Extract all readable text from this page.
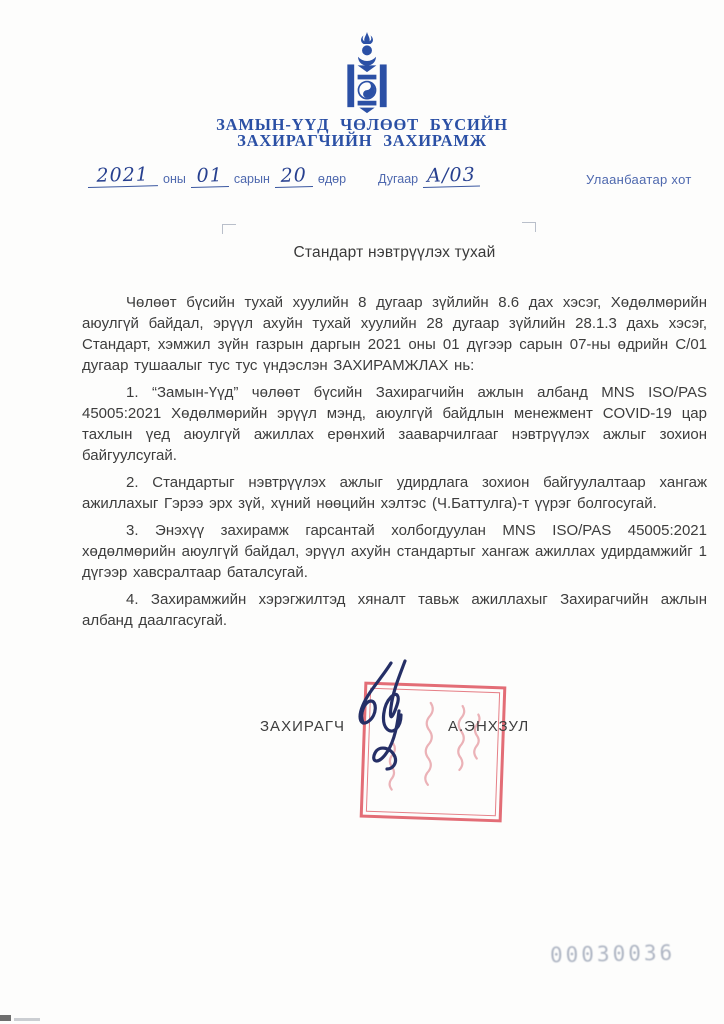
ЗАМЫН-ҮҮД ЧӨЛӨӨТ БҮСИЙН
ЗАХИРАГЧИЙН ЗАХИРАМЖ
2021	оны 01 сарын 20 өдөр	Дугаар А/03	Улаанбаатар хот
Стандарт нэвтрүүлэх тухай

Чөлөөт бүсийн тухай хуулийн 8 дугаар зүйлийн 8.6 дах хэсэг, Хөдөлмөрийн аюулгүй байдал, эрүүл ахуйн тухай хуулийн 28 дугаар зүйлийн 28.1.3 дахь хэсэг, Стандарт, хэмжил зүйн газрын даргын 2021 оны 01 дүгээр сарын 07-ны өдрийн С/01 дугаар тушаалыг тус тус үндэслэн ЗАХИРАМЖЛАХ нь:

1. “Замын-Үүд” чөлөөт бүсийн Захирагчийн ажлын албанд MNS ISO/PAS 45005:2021 Хөдөлмөрийн эрүүл мэнд, аюулгүй байдлын менежмент COVID-19 цар тахлын үед аюулгүй ажиллах ерөнхий зааварчилгааг нэвтрүүлэх ажлыг зохион байгуулсугай.

2. Стандартыг нэвтрүүлэх ажлыг удирдлага зохион байгуулалтаар хангаж ажиллахыг Гэрээ эрх зүй, хүний нөөцийн хэлтэс (Ч.Баттулга)-т үүрэг болгосугай.

3. Энэхүү захирамж гарсантай холбогдуулан MNS ISO/PAS 45005:2021 хөдөлмөрийн аюулгүй байдал, эрүүл ахуйн стандартыг хангаж ажиллах удирдамжийг 1 дүгээр хавсралтаар баталсугай.

4. Захирамжийн хэрэгжилтэд хяналт тавьж ажиллахыг Захирагчийн ажлын албанд даалгасугай.

ЗАХИРАГЧ	А.ЭНХЗУЛ
00030036
